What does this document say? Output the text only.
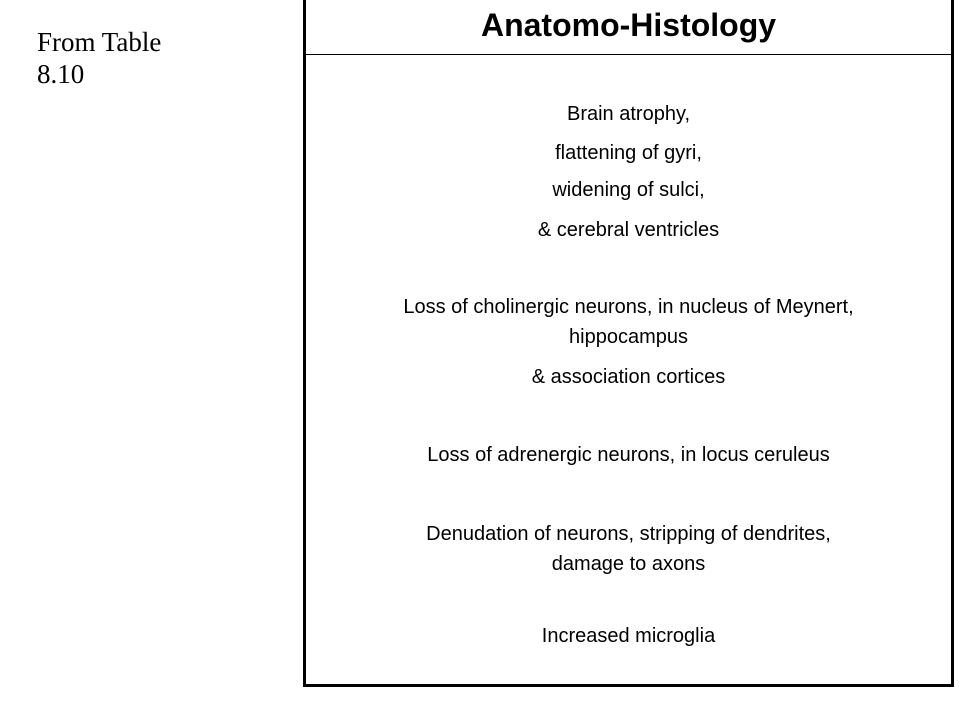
From Table
8.10
Anatomo-Histology
Brain atrophy,
flattening of gyri,
widening of sulci,
& cerebral ventricles
Loss of cholinergic neurons, in nucleus of Meynert,
hippocampus
& association cortices
Loss of adrenergic neurons, in locus ceruleus
Denudation of neurons, stripping of dendrites,
damage to axons
Increased microglia
